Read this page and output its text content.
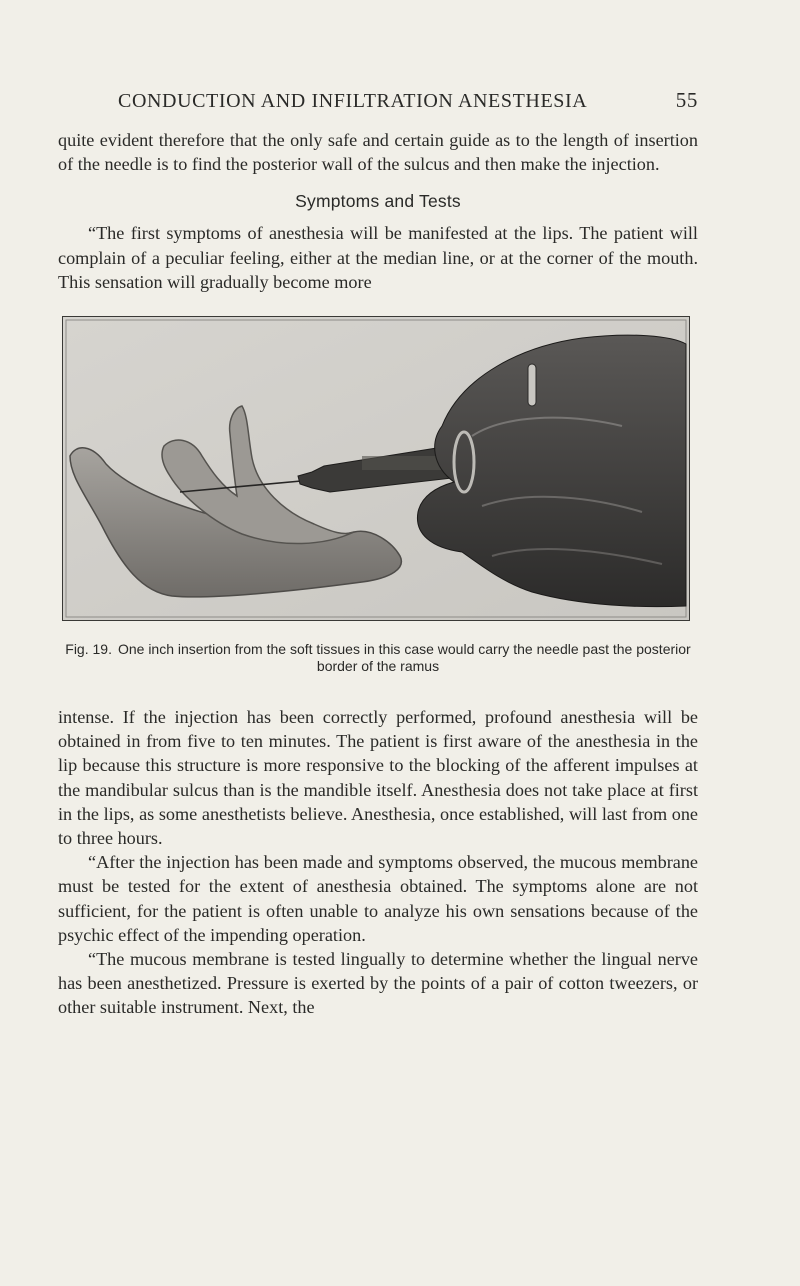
CONDUCTION AND INFILTRATION ANESTHESIA	55

quite evident therefore that the only safe and certain guide as to the length of insertion of the needle is to find the posterior wall of the sulcus and then make the injection.

Symptoms and Tests

“The first symptoms of anesthesia will be manifested at the lips. The patient will complain of a peculiar feeling, either at the median line, or at the corner of the mouth. This sensation will gradually become more

Fig. 19. One inch insertion from the soft tissues in this case would carry the needle past the posterior border of the ramus

intense. If the injection has been correctly performed, profound anesthesia will be obtained in from five to ten minutes. The patient is first aware of the anesthesia in the lip because this structure is more responsive to the blocking of the afferent impulses at the mandibular sulcus than is the mandible itself. Anesthesia does not take place at first in the lips, as some anesthetists believe. Anesthesia, once established, will last from one to three hours.

“After the injection has been made and symptoms observed, the mucous membrane must be tested for the extent of anesthesia obtained. The symptoms alone are not sufficient, for the patient is often unable to analyze his own sensations because of the psychic effect of the impending operation.

“The mucous membrane is tested lingually to determine whether the lingual nerve has been anesthetized. Pressure is exerted by the points of a pair of cotton tweezers, or other suitable instrument. Next, the
